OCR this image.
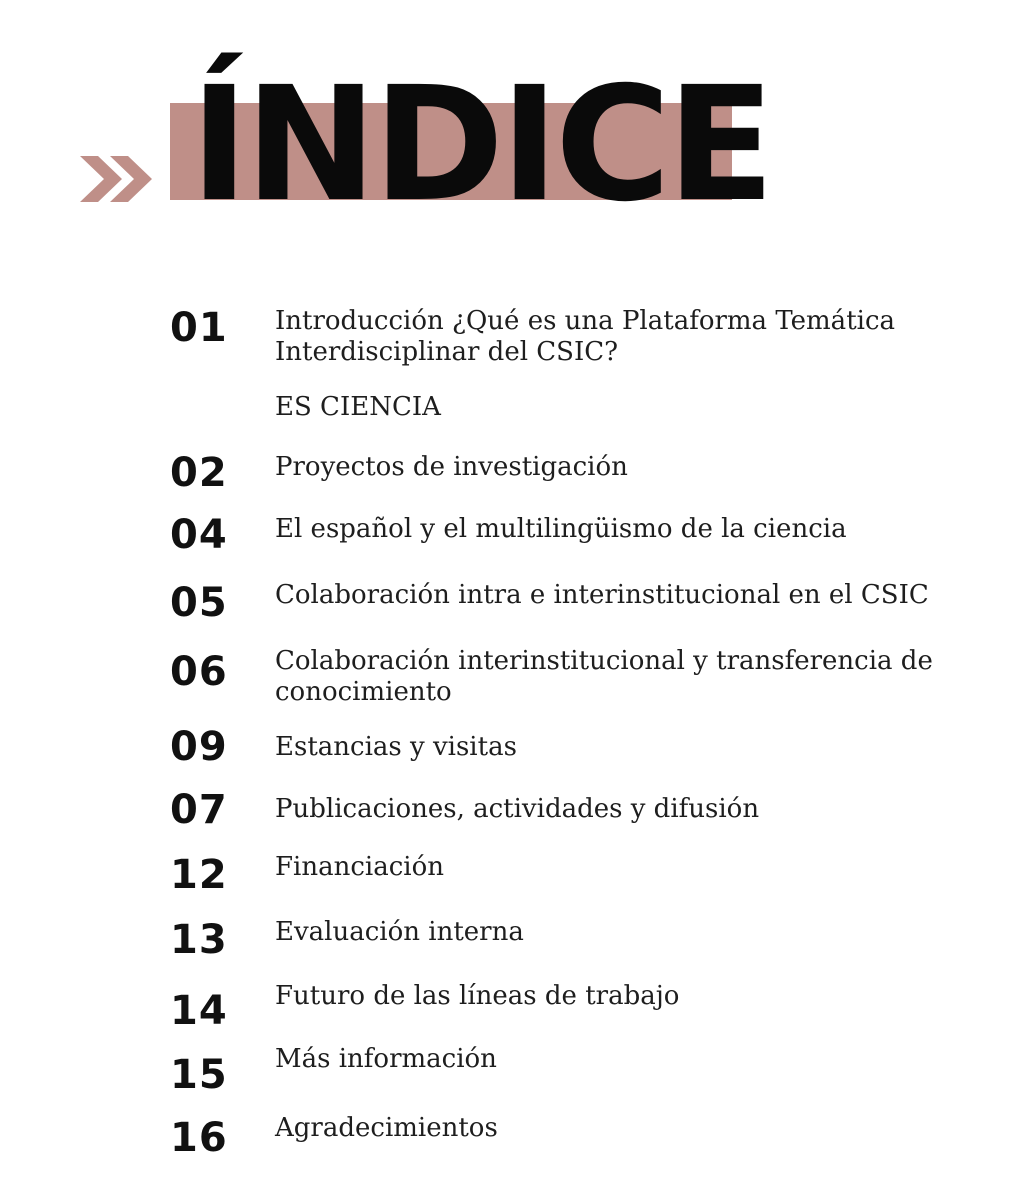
ÍNDICE
01 Introducción ¿Qué es una Plataforma Temática Interdisciplinar del CSIC?
ES CIENCIA
02 Proyectos de investigación
04 El español y el multilingüismo de la ciencia
05 Colaboración intra e interinstitucional en el CSIC
06 Colaboración interinstitucional y transferencia de conocimiento
09 Estancias y visitas
07 Publicaciones, actividades y difusión
12 Financiación
13 Evaluación interna
14 Futuro de las líneas de trabajo
15 Más información
16 Agradecimientos
